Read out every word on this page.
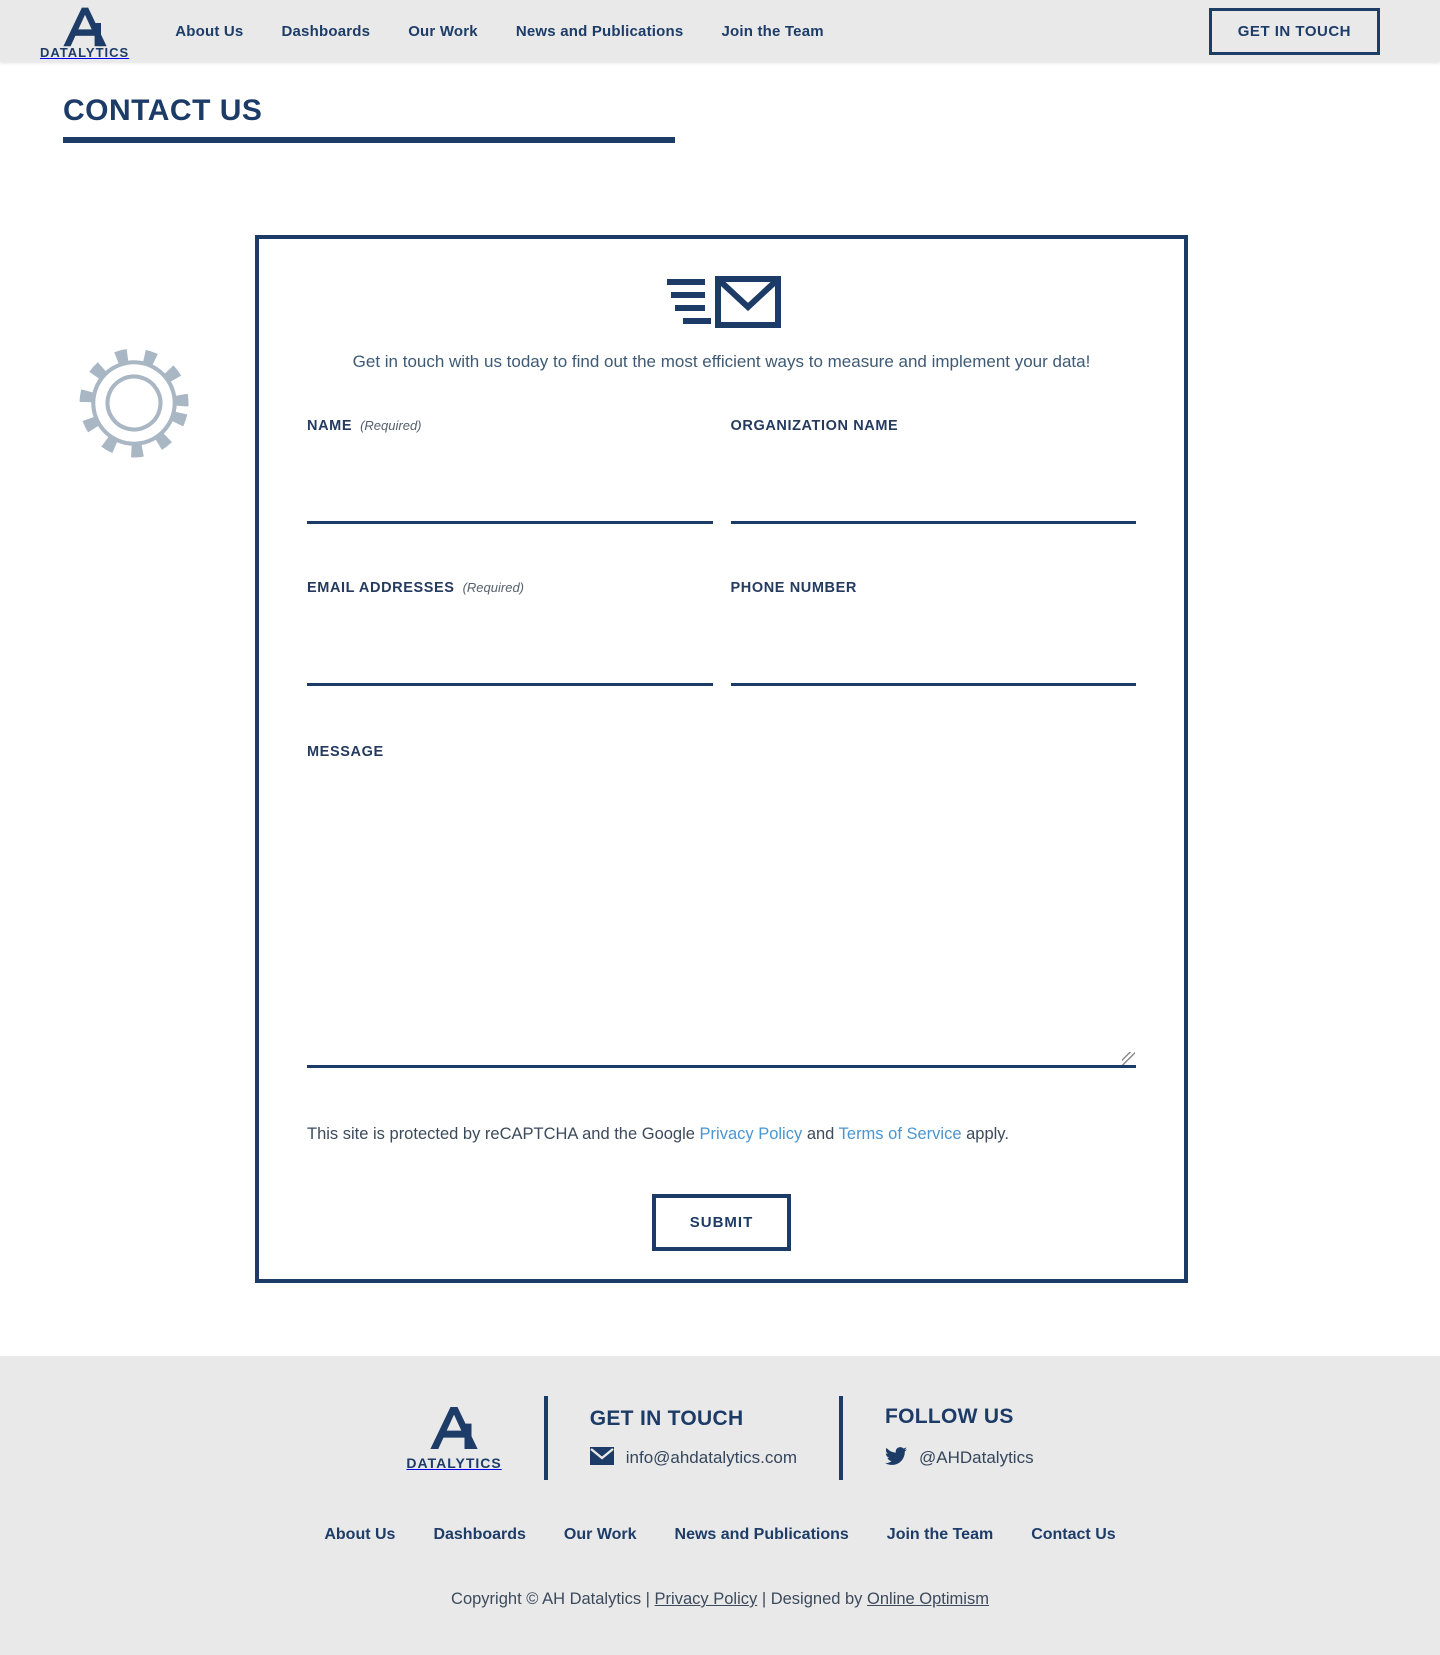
DATALYTICS
About Us	Dashboards	Our Work	News and Publications	Join the Team	GET IN TOUCH
CONTACT US

Get in touch with us today to find out the most efficient ways to measure and implement your data!

NAME (Required)	ORGANIZATION NAME
EMAIL ADDRESSES (Required)	PHONE NUMBER
MESSAGE

This site is protected by reCAPTCHA and the Google Privacy Policy and Terms of Service apply.

SUBMIT
DATALYTICS
GET IN TOUCH
info@ahdatalytics.com
FOLLOW US
@AHDatalytics
About Us Dashboards Our Work News and Publications Join the Team Contact Us
Copyright © AH Datalytics | Privacy Policy | Designed by Online Optimism
